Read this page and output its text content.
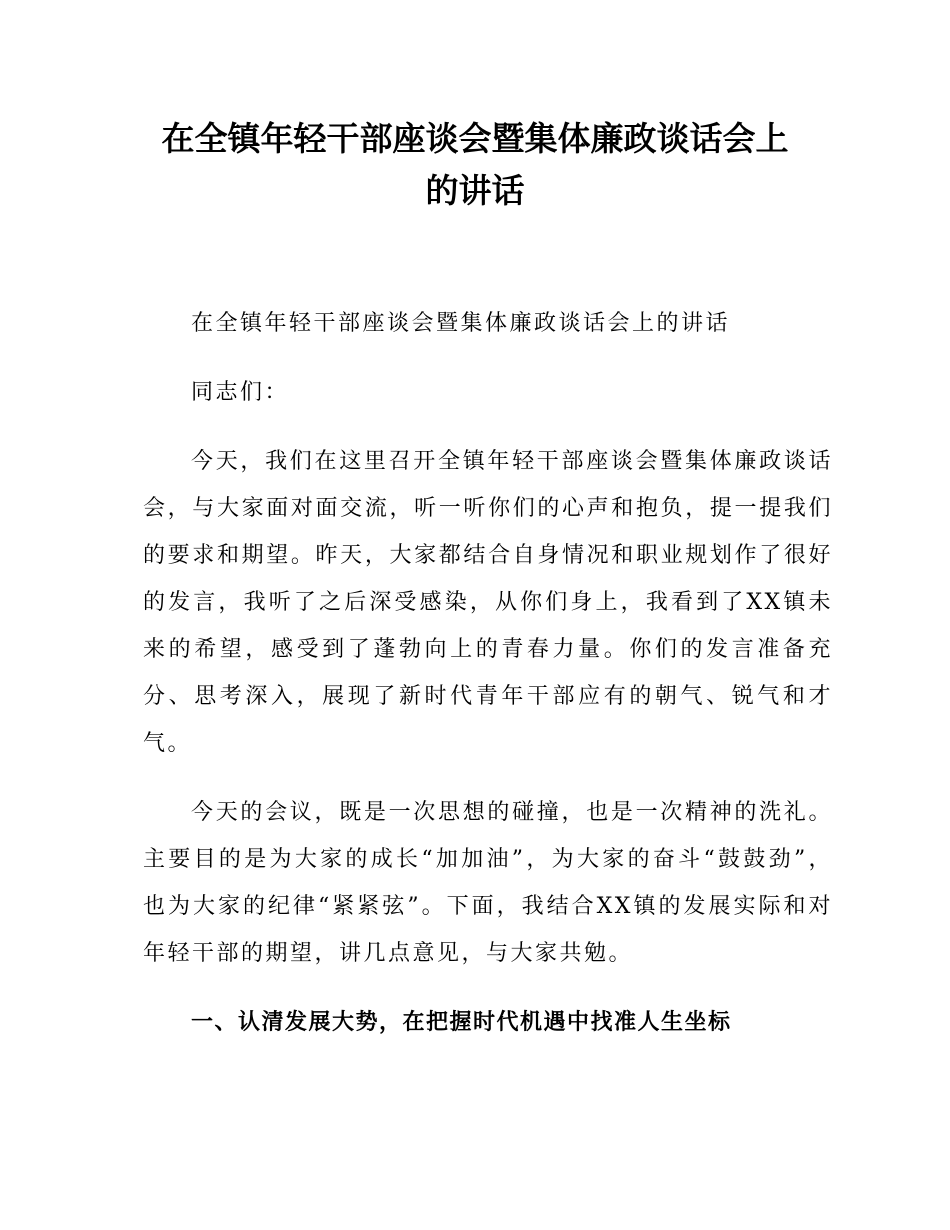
在全镇年轻干部座谈会暨集体廉政谈话会上
的讲话

在全镇年轻干部座谈会暨集体廉政谈话会上的讲话

同志们：

今天，我们在这里召开全镇年轻干部座谈会暨集体廉政谈话会，与大家面对面交流，听一听你们的心声和抱负，提一提我们的要求和期望。昨天，大家都结合自身情况和职业规划作了很好的发言，我听了之后深受感染，从你们身上，我看到了XX镇未来的希望，感受到了蓬勃向上的青春力量。你们的发言准备充分、思考深入，展现了新时代青年干部应有的朝气、锐气和才气。

今天的会议，既是一次思想的碰撞，也是一次精神的洗礼。主要目的是为大家的成长“加加油”，为大家的奋斗“鼓鼓劲”，也为大家的纪律“紧紧弦”。下面，我结合XX镇的发展实际和对年轻干部的期望，讲几点意见，与大家共勉。

一、认清发展大势，在把握时代机遇中找准人生坐标
